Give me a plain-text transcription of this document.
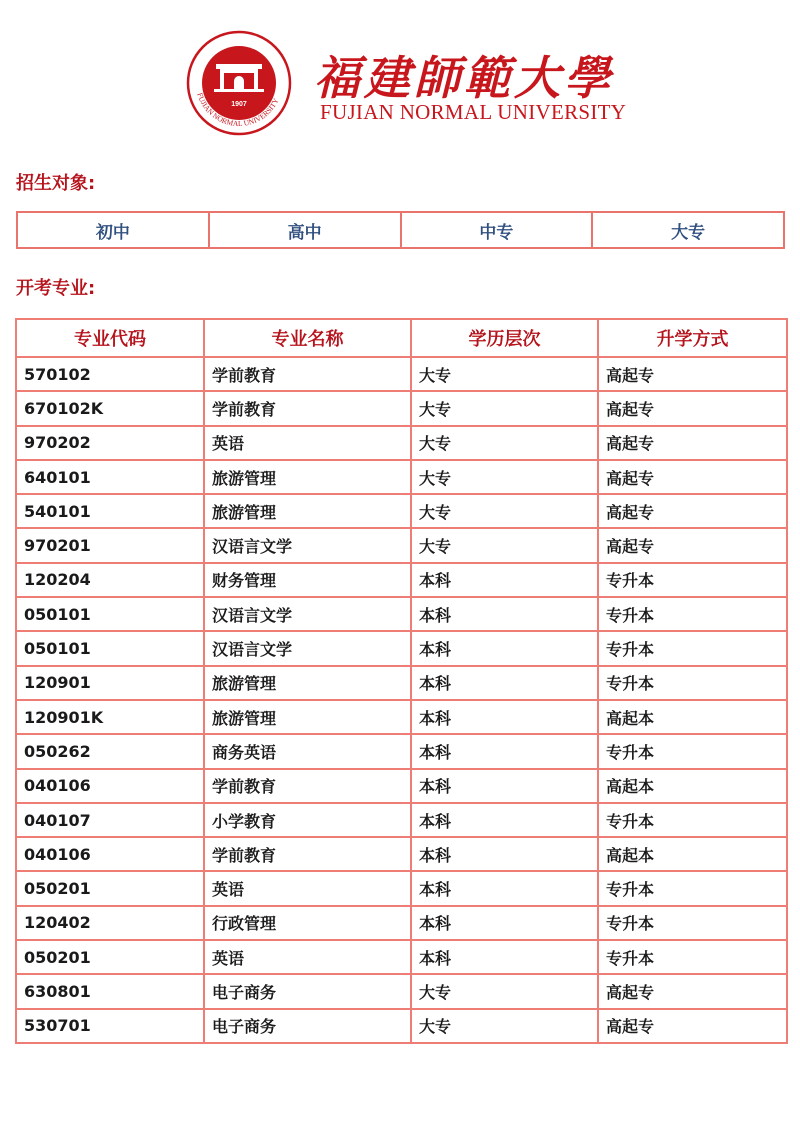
1907
FUJIAN NORMAL UNIVERSITY 福建師範大學
FUJIAN NORMAL UNIVERSITY
招生对象:
初中	高中	中专	大专
开考专业:
专业代码	专业名称	学历层次	升学方式
570102	学前教育	大专	高起专
670102K	学前教育	大专	高起专
970202	英语	大专	高起专
640101	旅游管理	大专	高起专
540101	旅游管理	大专	高起专
970201	汉语言文学	大专	高起专
120204	财务管理	本科	专升本
050101	汉语言文学	本科	专升本
050101	汉语言文学	本科	专升本
120901	旅游管理	本科	专升本
120901K	旅游管理	本科	高起本
050262	商务英语	本科	专升本
040106	学前教育	本科	高起本
040107	小学教育	本科	专升本
040106	学前教育	本科	高起本
050201	英语	本科	专升本
120402	行政管理	本科	专升本
050201	英语	本科	专升本
630801	电子商务	大专	高起专
530701	电子商务	大专	高起专
